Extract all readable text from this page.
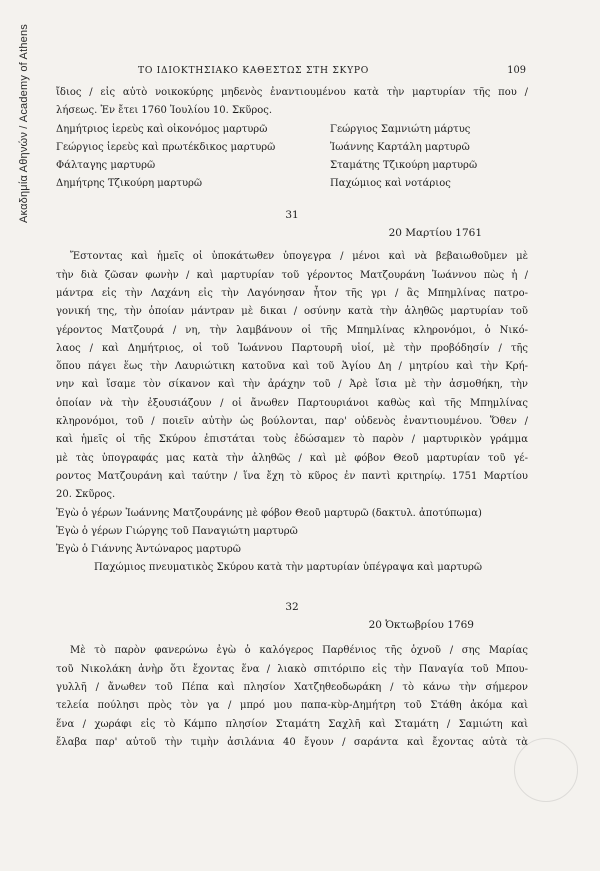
Ακαδημία Αθηνών / Academy of Athens	ΤΟ ΙΔΙΟΚΤΗΣΙΑΚΟ ΚΑΘΕΣΤΩΣ ΣΤΗ ΣΚΥΡΟ	109
ἴδιος / εἰς αὐτὸ νοικοκύρης μηδενὸς ἐναντιουμένου κατὰ τὴν μαρτυρίαν τῆς που /
λήσεως. Ἐν ἔτει 1760 Ἰουλίου 10. Σκῦρος.
Δημήτριος ἱερεὺς καὶ οἰκονόμος μαρτυρῶ
Γεώργιος ἱερεὺς καὶ πρωτέκδικος μαρτυρῶ
Φάλταγης μαρτυρῶ
Δημήτρης Τζικούρη μαρτυρῶ
Γεώργιος Σαμνιώτη μάρτυς
Ἰωάννης Καρτάλη μαρτυρῶ
Σταμάτης Τζικούρη μαρτυρῶ
Παχώμιος καὶ νοτάριος
31
20 Μαρτίου 1761
Ἔστοντας καὶ ἡμεῖς οἱ ὑποκάτωθεν ὑπογεγρα / μένοι καὶ νὰ βεβαιωθοῦμεν μὲ
τὴν διὰ ζῶσαν φωνὴν / καὶ μαρτυρίαν τοῦ γέροντος Ματζουράνη Ἰωάννου πὼς ἡ /
μάντρα εἰς τὴν Λαχάνη εἰς τὴν Λαγόνησαν ἦτον τῆς γρι / ἂς Μπημλίνας πατρο-
γονική της, τὴν ὁποίαν μάντραν μὲ δικαι / οσύνην κατὰ τὴν ἀληθῶς μαρτυρίαν τοῦ
γέροντος Ματζουρά / νη, τὴν λαμβάνουν οἱ τῆς Μπημλίνας κληρονόμοι, ὁ Νικό-
λαος / καὶ Δημήτριος, οἱ τοῦ Ἰωάννου Παρτουρῆ υἱοί, μὲ τὴν προβόδησίν / τῆς
ὅπου πάγει ἕως τὴν Λαυριώτικη κατοῦνα καὶ τοῦ Ἁγίου Δη / μητρίου καὶ τὴν Κρή-
νην καὶ ἴσαμε τὸν σίκανον καὶ τὴν ἀράχην τοῦ / Ἀρὲ ἴσια μὲ τὴν ἀσμοθήκη, τὴν
ὁποίαν νὰ τὴν ἐξουσιάζουν / οἱ ἄνωθεν Παρτουριάνοι καθὼς καὶ τῆς Μπημλίνας
κληρονόμοι, τοῦ / ποιεῖν αὐτὴν ὡς βούλονται, παρ' οὐδενὸς ἐναντιουμένου. Ὅθεν /
καὶ ἡμεῖς οἱ τῆς Σκύρου ἐπιστάται τοὺς ἐδώσαμεν τὸ παρὸν / μαρτυρικὸν γράμμα
μὲ τὰς ὑπογραφάς μας κατὰ τὴν ἀληθῶς / καὶ μὲ φόβον Θεοῦ μαρτυρίαν τοῦ γέ-
ροντος Ματζουράνη καὶ ταύτην / ἵνα ἔχη τὸ κῦρος ἐν παντὶ κριτηρίῳ. 1751 Μαρτίου
20. Σκῦρος.
Ἐγὼ ὁ γέρων Ἰωάννης Ματζουράνης μὲ φόβον Θεοῦ μαρτυρῶ (δακτυλ. ἀποτύπωμα)
Ἐγὼ ὁ γέρων Γιώργης τοῦ Παναγιώτη μαρτυρῶ
Ἐγὼ ὁ Γιάννης Ἀντώναρος μαρτυρῶ
Παχώμιος πνευματικὸς Σκύρου κατὰ τὴν μαρτυρίαν ὑπέγραψα καὶ μαρτυρῶ
32
20 Ὀκτωβρίου 1769
Μὲ τὸ παρὸν φανερώνω ἐγὼ ὁ καλόγερος Παρθένιος τῆς ὁχνοῦ / σης Μαρίας
τοῦ Νικολάκη ἀνὴρ ὅτι ἔχοντας ἕνα / λιακὸ σπιτόριπο εἰς τὴν Παναγία τοῦ Μπου-
γυλλῆ / ἄνωθεν τοῦ Πέπα καὶ πλησίον Χατζηθεοδωράκη / τὸ κάνω τὴν σήμερον
τελεία πούλησι πρὸς τὸν γα / μπρό μου παπα-κὺρ-Δημήτρη τοῦ Στάθη ἀκόμα καὶ
ἕνα / χωράφι εἰς τὸ Κάμπο πλησίον Σταμάτη Σαχλῆ καὶ Σταμάτη / Σαμιώτη καὶ
ἔλαβα παρ' αὐτοῦ τὴν τιμὴν ἀσιλάνια 40 ἔγουν / σαράντα καὶ ἔχοντας αὐτὰ τὰ
